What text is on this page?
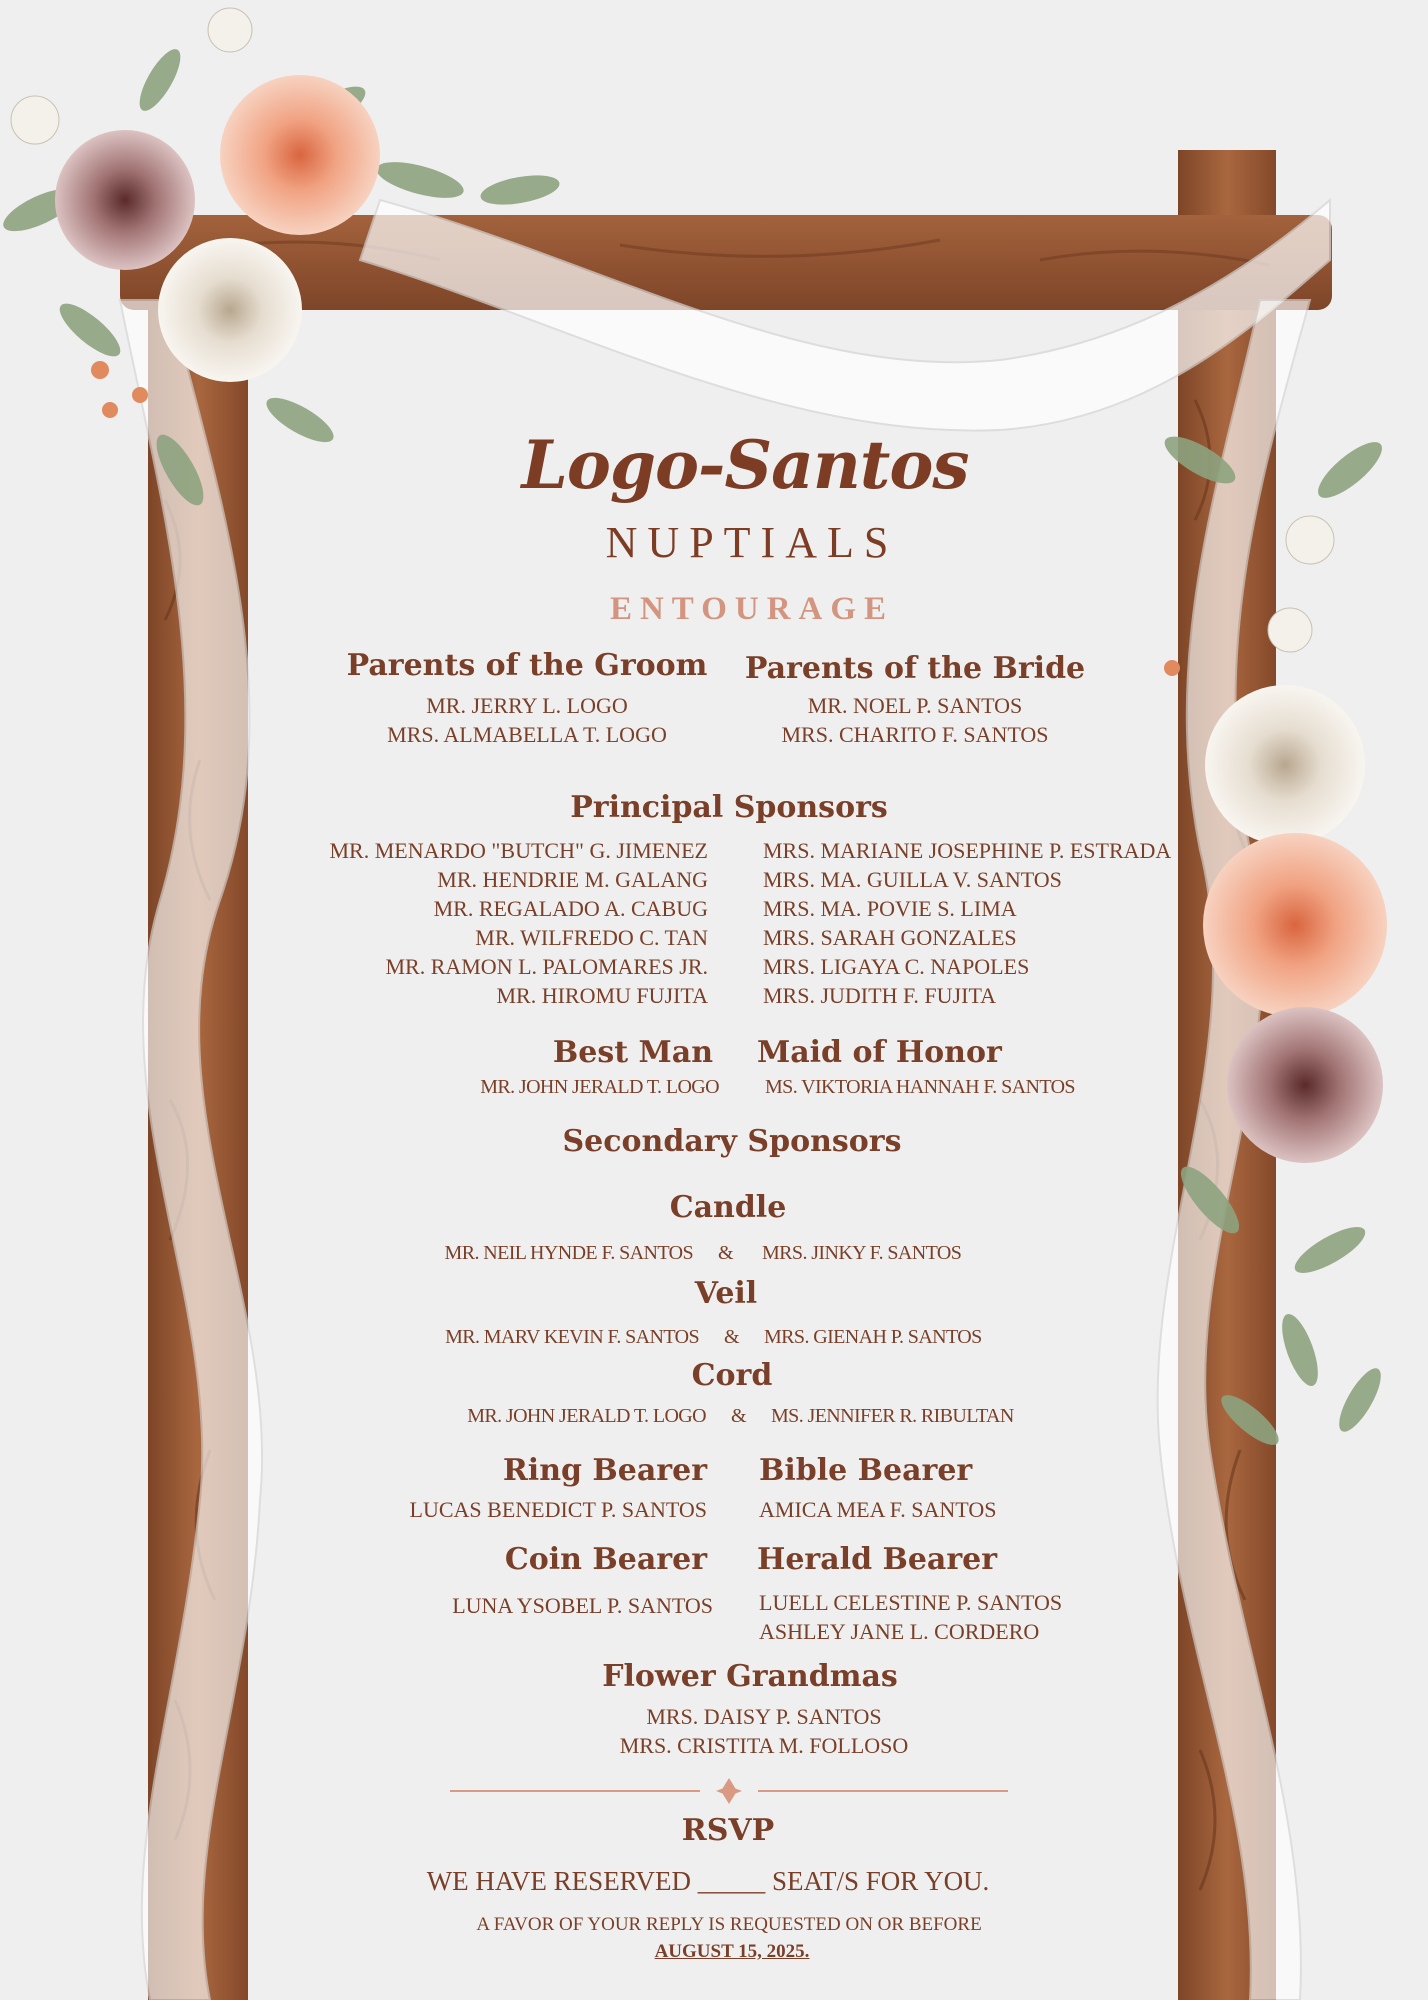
Logo-Santos
NUPTIALS
ENTOURAGE
Parents of the Groom
MR. JERRY L. LOGO
MRS. ALMABELLA T. LOGO
Parents of the Bride
MR. NOEL P. SANTOS
MRS. CHARITO F. SANTOS
Principal Sponsors
MR. MENARDO "BUTCH" G. JIMENEZ
MR. HENDRIE M. GALANG
MR. REGALADO A. CABUG
MR. WILFREDO C. TAN
MR. RAMON L. PALOMARES JR.
MR. HIROMU FUJITA
MRS. MARIANE JOSEPHINE P. ESTRADA
MRS. MA. GUILLA V. SANTOS
MRS. MA. POVIE S. LIMA
MRS. SARAH GONZALES
MRS. LIGAYA C. NAPOLES
MRS. JUDITH F. FUJITA
Best Man
MR. JOHN JERALD T. LOGO
Maid of Honor
MS. VIKTORIA HANNAH F. SANTOS
Secondary Sponsors
Candle
MR. NEIL HYNDE F. SANTOS & MRS. JINKY F. SANTOS
Veil
MR. MARV KEVIN F. SANTOS & MRS. GIENAH P. SANTOS
Cord
MR. JOHN JERALD T. LOGO & MS. JENNIFER R. RIBULTAN
Ring Bearer
LUCAS BENEDICT P. SANTOS
Bible Bearer
AMICA MEA F. SANTOS
Coin Bearer
LUNA YSOBEL P. SANTOS
Herald Bearer
LUELL CELESTINE P. SANTOS
ASHLEY JANE L. CORDERO
Flower Grandmas
MRS. DAISY P. SANTOS
MRS. CRISTITA M. FOLLOSO
RSVP
WE HAVE RESERVED _____ SEAT/S FOR YOU.
A FAVOR OF YOUR REPLY IS REQUESTED ON OR BEFORE
AUGUST 15, 2025.
